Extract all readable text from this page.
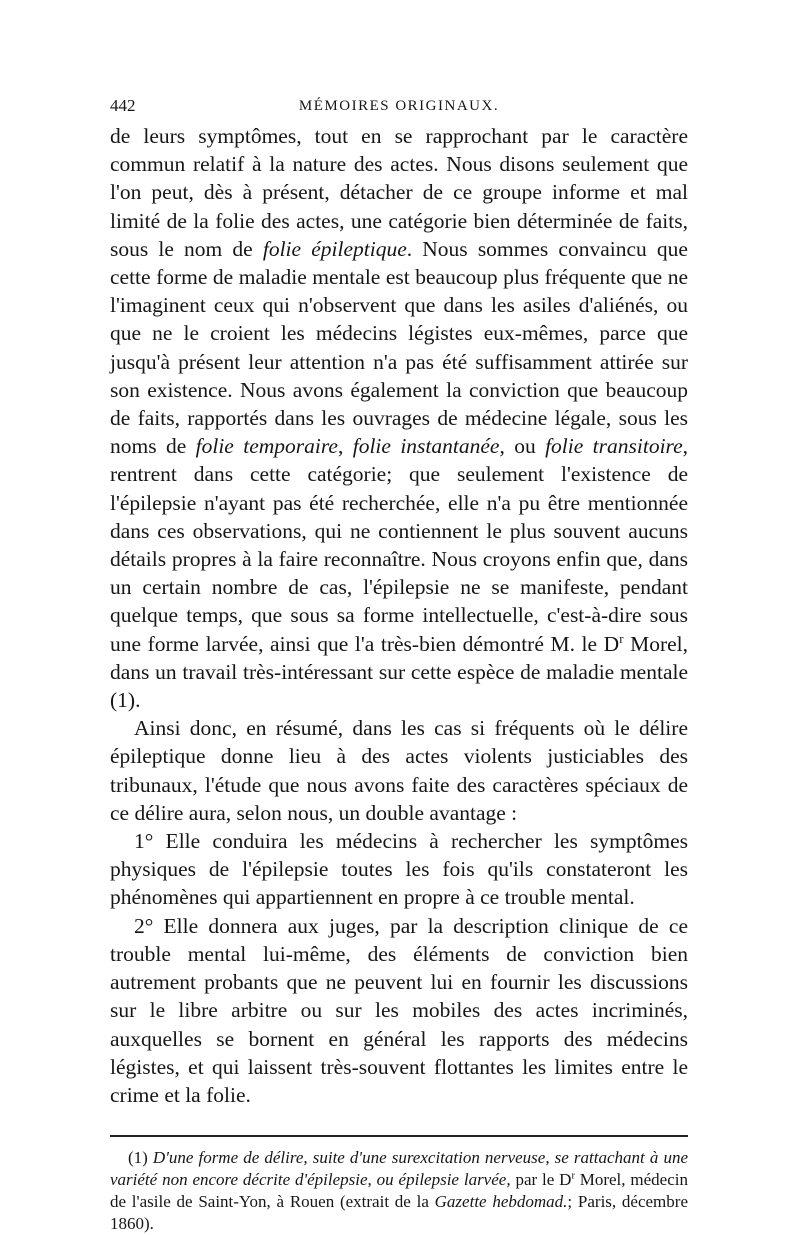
442	MÉMOIRES ORIGINAUX.

de leurs symptômes, tout en se rapprochant par le caractère commun relatif à la nature des actes. Nous disons seulement que l'on peut, dès à présent, détacher de ce groupe informe et mal limité de la folie des actes, une catégorie bien déterminée de faits, sous le nom de folie épileptique. Nous sommes convaincu que cette forme de maladie mentale est beaucoup plus fréquente que ne l'imaginent ceux qui n'observent que dans les asiles d'aliénés, ou que ne le croient les médecins légistes eux-mêmes, parce que jusqu'à présent leur attention n'a pas été suffisamment attirée sur son existence. Nous avons également la conviction que beaucoup de faits, rapportés dans les ouvrages de médecine légale, sous les noms de folie temporaire, folie instantanée, ou folie transitoire, rentrent dans cette catégorie; que seulement l'existence de l'épilepsie n'ayant pas été recherchée, elle n'a pu être mentionnée dans ces observations, qui ne contiennent le plus souvent aucuns détails propres à la faire reconnaître. Nous croyons enfin que, dans un certain nombre de cas, l'épilepsie ne se manifeste, pendant quelque temps, que sous sa forme intellectuelle, c'est-à-dire sous une forme larvée, ainsi que l'a très-bien démontré M. le $D^r$ Morel, dans un travail très-intéressant sur cette espèce de maladie mentale (1).

Ainsi donc, en résumé, dans les cas si fréquents où le délire épileptique donne lieu à des actes violents justiciables des tribunaux, l'étude que nous avons faite des caractères spéciaux de ce délire aura, selon nous, un double avantage :

1° Elle conduira les médecins à rechercher les symptômes physiques de l'épilepsie toutes les fois qu'ils constateront les phénomènes qui appartiennent en propre à ce trouble mental.

2° Elle donnera aux juges, par la description clinique de ce trouble mental lui-même, des éléments de conviction bien autrement probants que ne peuvent lui en fournir les discussions sur le libre arbitre ou sur les mobiles des actes incriminés, auxquelles se bornent en général les rapports des médecins légistes, et qui laissent très-souvent flottantes les limites entre le crime et la folie.

(1) D'une forme de délire, suite d'une surexcitation nerveuse, se rattachant à une variété non encore décrite d'épilepsie, ou épilepsie larvée, par le $D^r$ Morel, médecin de l'asile de Saint-Yon, à Rouen (extrait de la Gazette hebdomad.; Paris, décembre 1860).
